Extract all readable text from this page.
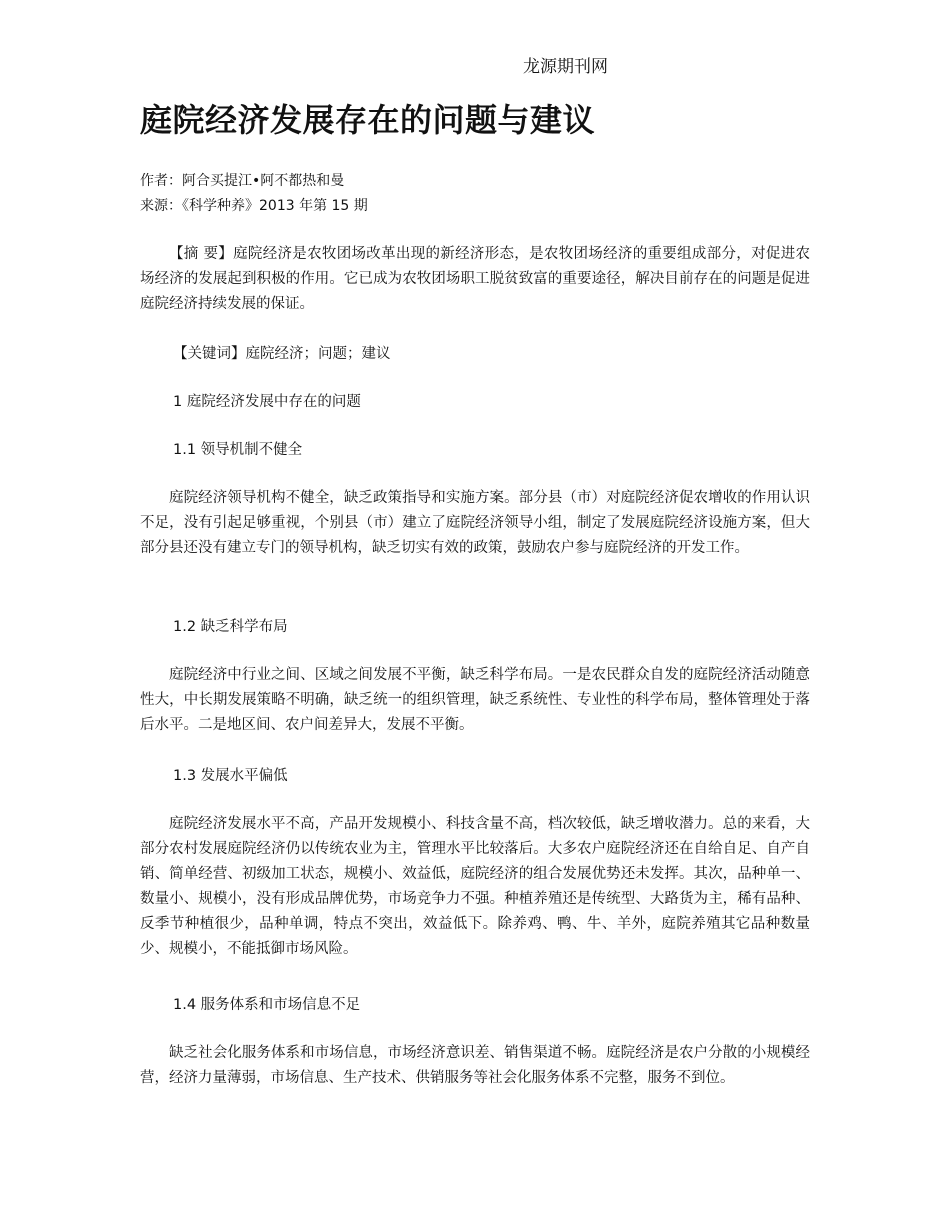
龙源期刊网
庭院经济发展存在的问题与建议
作者：阿合买提江•阿不都热和曼
来源：《科学种养》2013 年第 15 期

【摘 要】庭院经济是农牧团场改革出现的新经济形态，是农牧团场经济的重要组成部分，对促进农场经济的发展起到积极的作用。它已成为农牧团场职工脱贫致富的重要途径，解决目前存在的问题是促进庭院经济持续发展的保证。

【关键词】庭院经济；问题；建议

1 庭院经济发展中存在的问题
1.1 领导机制不健全

庭院经济领导机构不健全，缺乏政策指导和实施方案。部分县（市）对庭院经济促农增收的作用认识不足，没有引起足够重视，个别县（市）建立了庭院经济领导小组，制定了发展庭院经济设施方案，但大部分县还没有建立专门的领导机构，缺乏切实有效的政策，鼓励农户参与庭院经济的开发工作。

1.2 缺乏科学布局

庭院经济中行业之间、区域之间发展不平衡，缺乏科学布局。一是农民群众自发的庭院经济活动随意性大，中长期发展策略不明确，缺乏统一的组织管理，缺乏系统性、专业性的科学布局，整体管理处于落后水平。二是地区间、农户间差异大，发展不平衡。

1.3 发展水平偏低

庭院经济发展水平不高，产品开发规模小、科技含量不高，档次较低，缺乏增收潜力。总的来看，大部分农村发展庭院经济仍以传统农业为主，管理水平比较落后。大多农户庭院经济还在自给自足、自产自销、简单经营、初级加工状态，规模小、效益低，庭院经济的组合发展优势还未发挥。其次，品种单一、数量小、规模小，没有形成品牌优势，市场竞争力不强。种植养殖还是传统型、大路货为主，稀有品种、反季节种植很少，品种单调，特点不突出，效益低下。除养鸡、鸭、牛、羊外，庭院养殖其它品种数量少、规模小，不能抵御市场风险。

1.4 服务体系和市场信息不足

缺乏社会化服务体系和市场信息，市场经济意识差、销售渠道不畅。庭院经济是农户分散的小规模经营，经济力量薄弱，市场信息、生产技术、供销服务等社会化服务体系不完整，服务不到位。
